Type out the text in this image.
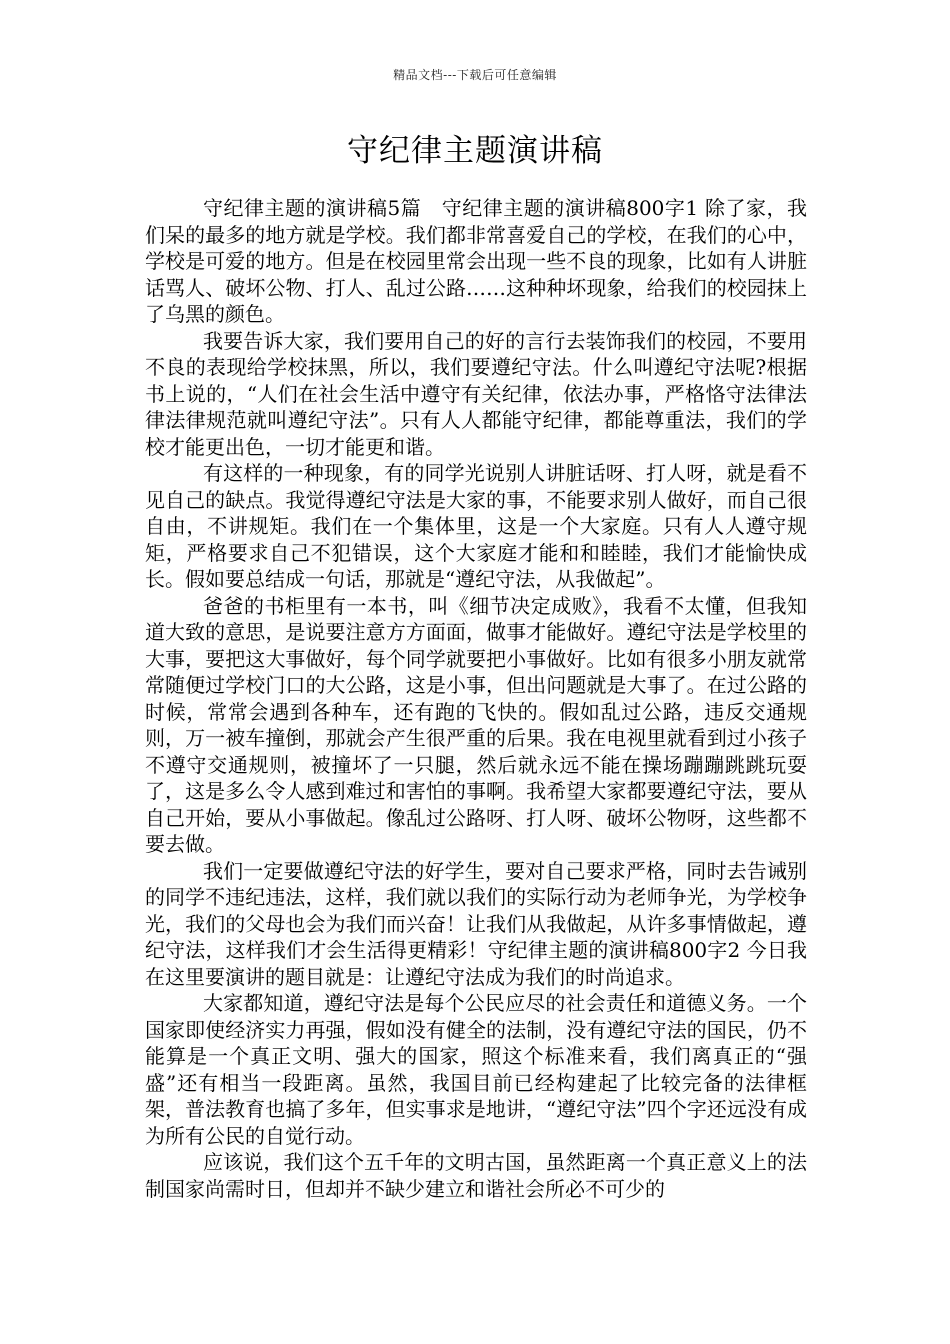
精品文档---下载后可任意编辑
守纪律主题演讲稿

守纪律主题的演讲稿5篇　守纪律主题的演讲稿800字1 除了家，我们呆的最多的地方就是学校。我们都非常喜爱自己的学校，在我们的心中，学校是可爱的地方。但是在校园里常会出现一些不良的现象，比如有人讲脏话骂人、破坏公物、打人、乱过公路……这种种坏现象，给我们的校园抹上了乌黑的颜色。

我要告诉大家，我们要用自己的好的言行去装饰我们的校园，不要用不良的表现给学校抹黑，所以，我们要遵纪守法。什么叫遵纪守法呢?根据书上说的，“人们在社会生活中遵守有关纪律，依法办事，严格恪守法律法律法律规范就叫遵纪守法”。只有人人都能守纪律，都能尊重法，我们的学校才能更出色，一切才能更和谐。

有这样的一种现象，有的同学光说别人讲脏话呀、打人呀，就是看不见自己的缺点。我觉得遵纪守法是大家的事，不能要求别人做好，而自己很自由，不讲规矩。我们在一个集体里，这是一个大家庭。只有人人遵守规矩，严格要求自己不犯错误，这个大家庭才能和和睦睦，我们才能愉快成长。假如要总结成一句话，那就是“遵纪守法，从我做起”。

爸爸的书柜里有一本书，叫《细节决定成败》，我看不太懂，但我知道大致的意思，是说要注意方方面面，做事才能做好。遵纪守法是学校里的大事，要把这大事做好，每个同学就要把小事做好。比如有很多小朋友就常常随便过学校门口的大公路，这是小事，但出问题就是大事了。在过公路的时候，常常会遇到各种车，还有跑的飞快的。假如乱过公路，违反交通规则，万一被车撞倒，那就会产生很严重的后果。我在电视里就看到过小孩子不遵守交通规则，被撞坏了一只腿，然后就永远不能在操场蹦蹦跳跳玩耍了，这是多么令人感到难过和害怕的事啊。我希望大家都要遵纪守法，要从自己开始，要从小事做起。像乱过公路呀、打人呀、破坏公物呀，这些都不要去做。

我们一定要做遵纪守法的好学生，要对自己要求严格，同时去告诫别的同学不违纪违法，这样，我们就以我们的实际行动为老师争光，为学校争光，我们的父母也会为我们而兴奋！让我们从我做起，从许多事情做起，遵纪守法，这样我们才会生活得更精彩！守纪律主题的演讲稿800字2 今日我在这里要演讲的题目就是：让遵纪守法成为我们的时尚追求。

大家都知道，遵纪守法是每个公民应尽的社会责任和道德义务。一个国家即使经济实力再强，假如没有健全的法制，没有遵纪守法的国民，仍不能算是一个真正文明、强大的国家，照这个标准来看，我们离真正的“强盛”还有相当一段距离。虽然，我国目前已经构建起了比较完备的法律框架，普法教育也搞了多年，但实事求是地讲，“遵纪守法”四个字还远没有成为所有公民的自觉行动。

应该说，我们这个五千年的文明古国，虽然距离一个真正意义上的法制国家尚需时日，但却并不缺少建立和谐社会所必不可少的
